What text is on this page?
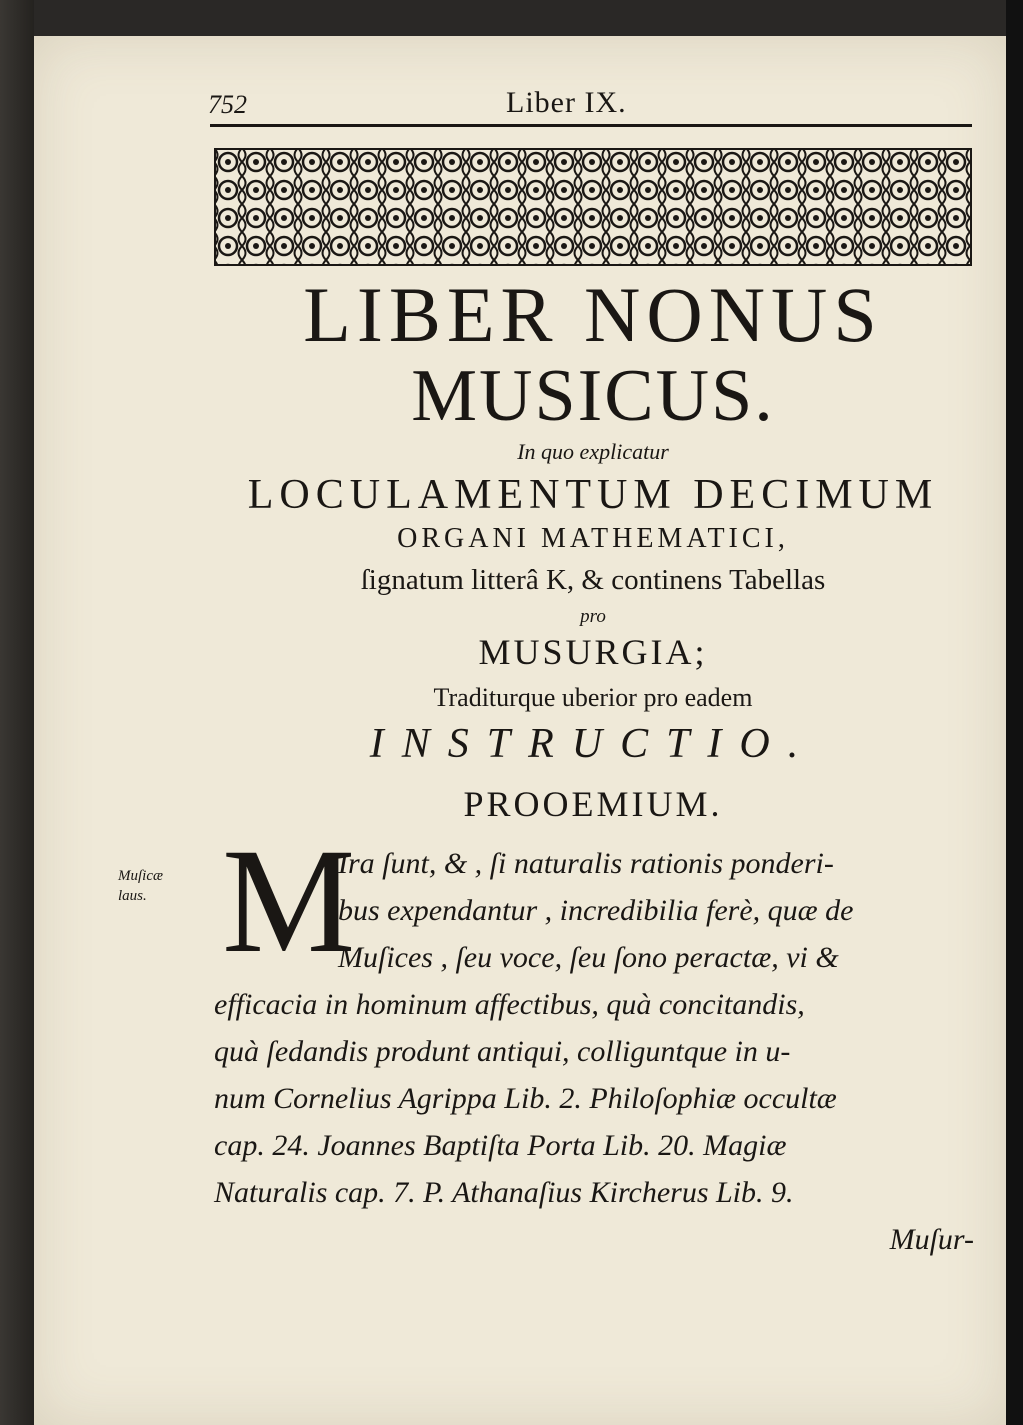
752	Liber IX.
LIBER NONUS
MUSICUS.
In quo explicatur
LOCULAMENTUM DECIMUM
ORGANI MATHEMATICI,
ſignatum litterâ K, & continens Tabellas
pro
MUSURGIA;
Traditurque uberior pro eadem
INSTRUCTIO.
PROOEMIUM.
Muſicæ
laus. M
Ira ſunt, & , ſi naturalis rationis ponderi-
bus expendantur , incredibilia ferè, quæ de
Muſices , ſeu voce, ſeu ſono peractæ, vi &
efficacia in hominum affectibus, quà concitandis,
quà ſedandis produnt antiqui, colliguntque in u-
num Cornelius Agrippa Lib. 2. Philoſophiæ occultæ
cap. 24. Joannes Baptiſta Porta Lib. 20. Magiæ
Naturalis cap. 7. P. Athanaſius Kircherus Lib. 9.
Muſur-
